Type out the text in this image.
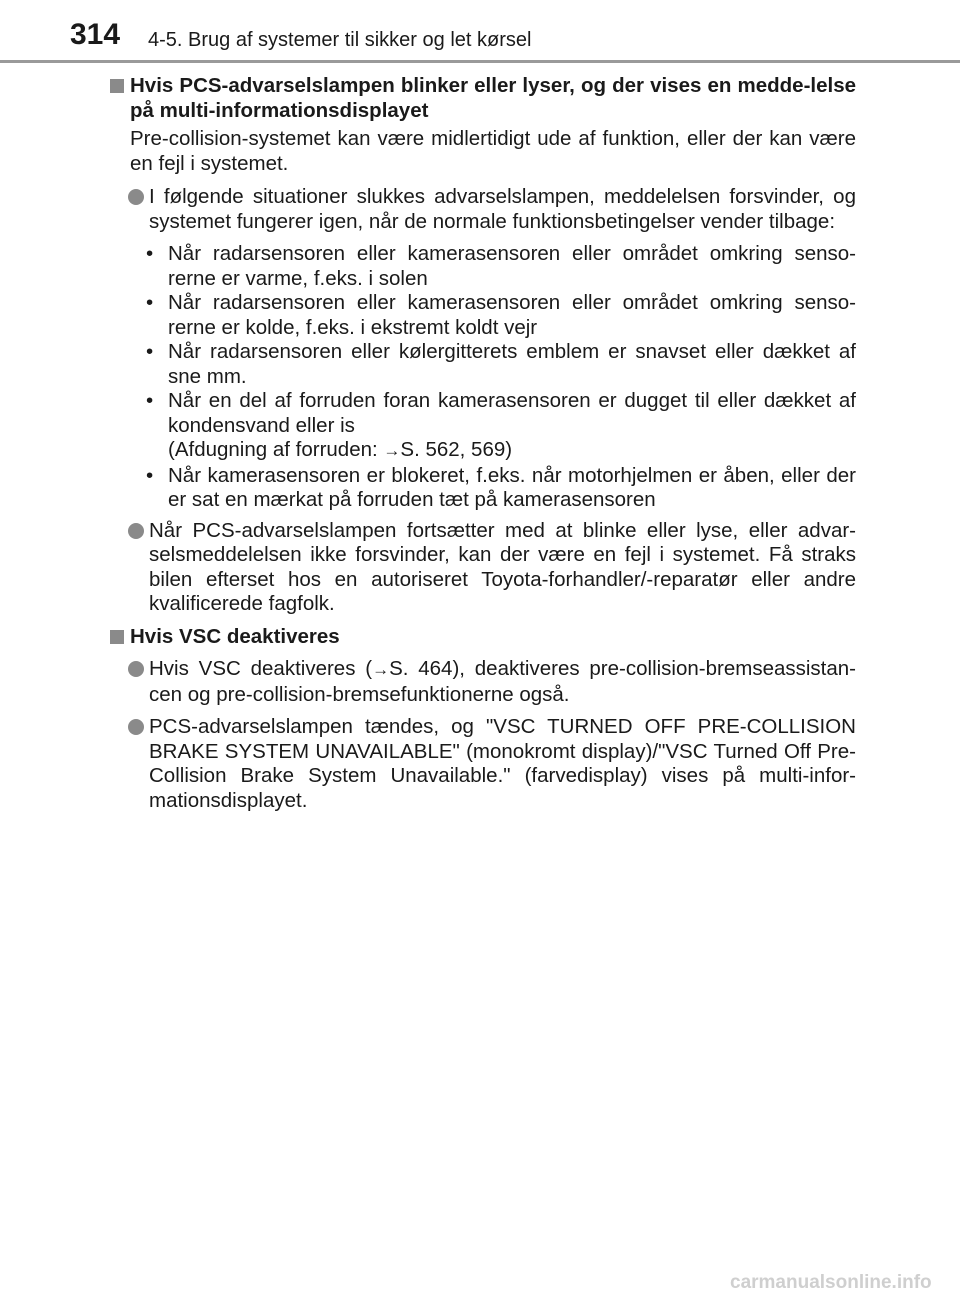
314 4-5. Brug af systemer til sikker og let kørsel
Hvis PCS-advarselslampen blinker eller lyser, og der vises en medde-lelse på multi-informationsdisplayet
Pre-collision-systemet kan være midlertidigt ude af funktion, eller der kan være en fejl i systemet.
I følgende situationer slukkes advarselslampen, meddelelsen forsvinder, og systemet fungerer igen, når de normale funktionsbetingelser vender tilbage:
• Når radarsensoren eller kamerasensoren eller området omkring senso-rerne er varme, f.eks. i solen
• Når radarsensoren eller kamerasensoren eller området omkring senso-rerne er kolde, f.eks. i ekstremt koldt vejr
• Når radarsensoren eller kølergitterets emblem er snavset eller dækket af sne mm.
• Når en del af forruden foran kamerasensoren er dugget til eller dækket af kondensvand eller is
(Afdugning af forruden: →S. 562, 569)
• Når kamerasensoren er blokeret, f.eks. når motorhjelmen er åben, eller der er sat en mærkat på forruden tæt på kamerasensoren
Når PCS-advarselslampen fortsætter med at blinke eller lyse, eller advar-selsmeddelelsen ikke forsvinder, kan der være en fejl i systemet. Få straks bilen efterset hos en autoriseret Toyota-forhandler/-reparatør eller andre kvalificerede fagfolk.
Hvis VSC deaktiveres
Hvis VSC deaktiveres (→S. 464), deaktiveres pre-collision-bremseassistan-cen og pre-collision-bremsefunktionerne også.
PCS-advarselslampen tændes, og "VSC TURNED OFF PRE-COLLISION BRAKE SYSTEM UNAVAILABLE" (monokromt display)/"VSC Turned Off Pre-Collision Brake System Unavailable." (farvedisplay) vises på multi-infor-mationsdisplayet.
carmanualsonline.info
